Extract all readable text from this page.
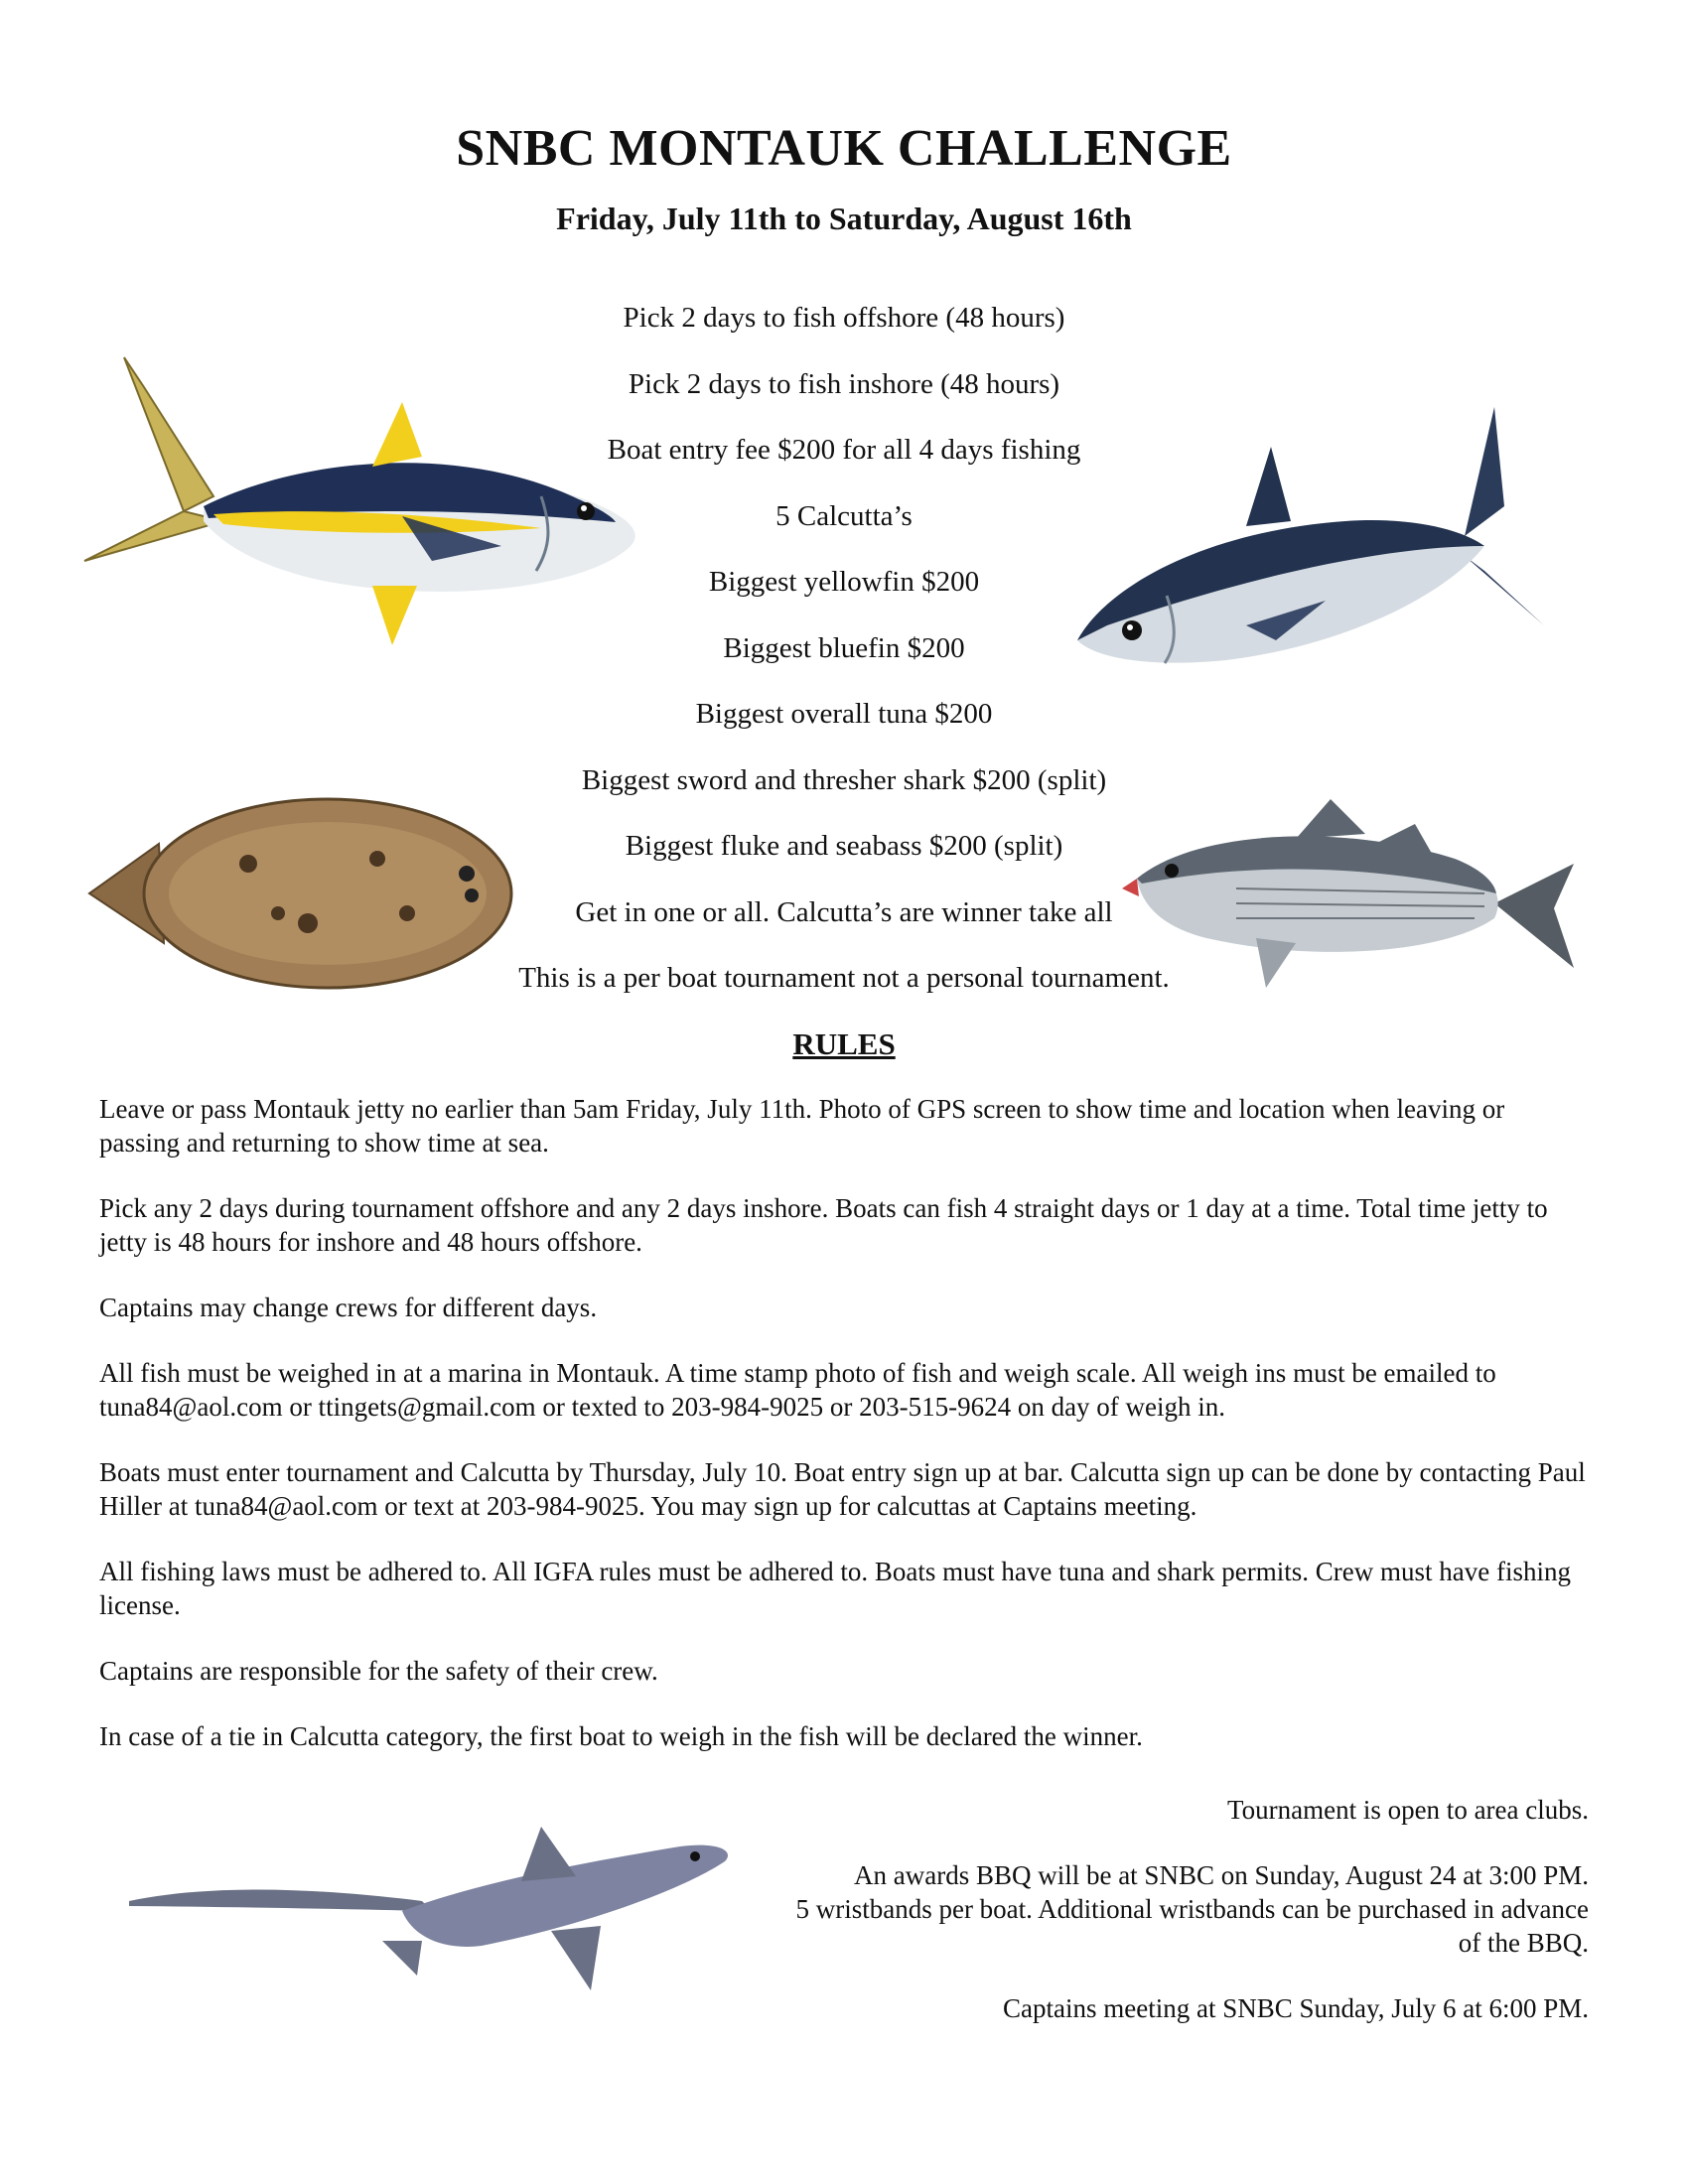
SNBC MONTAUK CHALLENGE
Friday, July 11th to Saturday, August 16th
Pick 2 days to fish offshore (48 hours)
Pick 2 days to fish inshore (48 hours)
Boat entry fee $200 for all 4 days fishing
5 Calcutta’s
Biggest yellowfin $200
Biggest bluefin $200
Biggest overall tuna $200
Biggest sword and thresher shark $200 (split)
Biggest fluke and seabass $200 (split)
Get in one or all. Calcutta’s are winner take all
This is a per boat tournament not a personal tournament.
RULES

Leave or pass Montauk jetty no earlier than 5am Friday, July 11th. Photo of GPS screen to show time and location when leaving or passing and returning to show time at sea.

Pick any 2 days during tournament offshore and any 2 days inshore. Boats can fish 4 straight days or 1 day at a time. Total time jetty to jetty is 48 hours for inshore and 48 hours offshore.

Captains may change crews for different days.

All fish must be weighed in at a marina in Montauk. A time stamp photo of fish and weigh scale. All weigh ins must be emailed to tuna84@aol.com or ttingets@gmail.com or texted to 203-984-9025 or 203-515-9624 on day of weigh in.

Boats must enter tournament and Calcutta by Thursday, July 10. Boat entry sign up at bar. Calcutta sign up can be done by contacting Paul Hiller at tuna84@aol.com or text at 203-984-9025. You may sign up for calcuttas at Captains meeting.

All fishing laws must be adhered to. All IGFA rules must be adhered to. Boats must have tuna and shark permits. Crew must have fishing license.

Captains are responsible for the safety of their crew.

In case of a tie in Calcutta category, the first boat to weigh in the fish will be declared the winner.

Tournament is open to area clubs.

An awards BBQ will be at SNBC on Sunday, August 24 at 3:00 PM.
5 wristbands per boat. Additional wristbands can be purchased in advance
of the BBQ.

Captains meeting at SNBC Sunday, July 6 at 6:00 PM.
